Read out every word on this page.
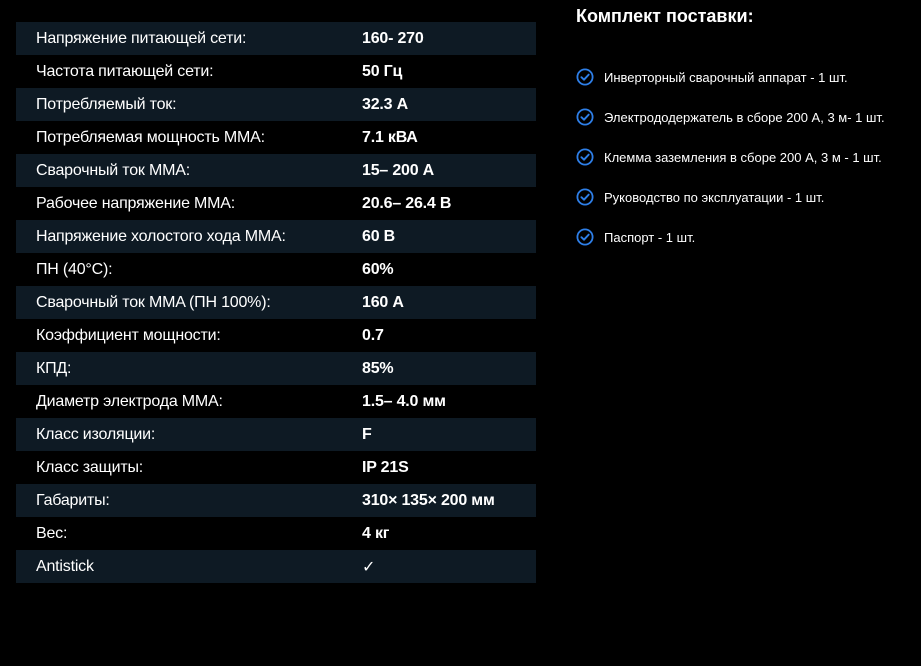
Напряжение питающей сети:	160- 270
Частота питающей сети:	50 Гц
Потребляемый ток:	32.3 А
Потребляемая мощность MMA:	7.1 кВА
Сварочный ток MMA:	15– 200 А
Рабочее напряжение MMA:	20.6– 26.4 В
Напряжение холостого хода MMA:	60 В
ПН (40°C):	60%
Сварочный ток MMA (ПН 100%):	160 А
Коэффициент мощности:	0.7
КПД:	85%
Диаметр электрода MMA:	1.5– 4.0 мм
Класс изоляции:	F
Класс защиты:	IP 21S
Габариты:	310× 135× 200 мм
Вес:	4 кг
Antistick	✓
Комплект поставки:
Инверторный сварочный аппарат - 1 шт.
Электрододержатель в сборе 200 А, 3 м- 1 шт.
Клемма заземления в сборе 200 А, 3 м - 1 шт.
Руководство по эксплуатации - 1 шт.
Паспорт - 1 шт.
